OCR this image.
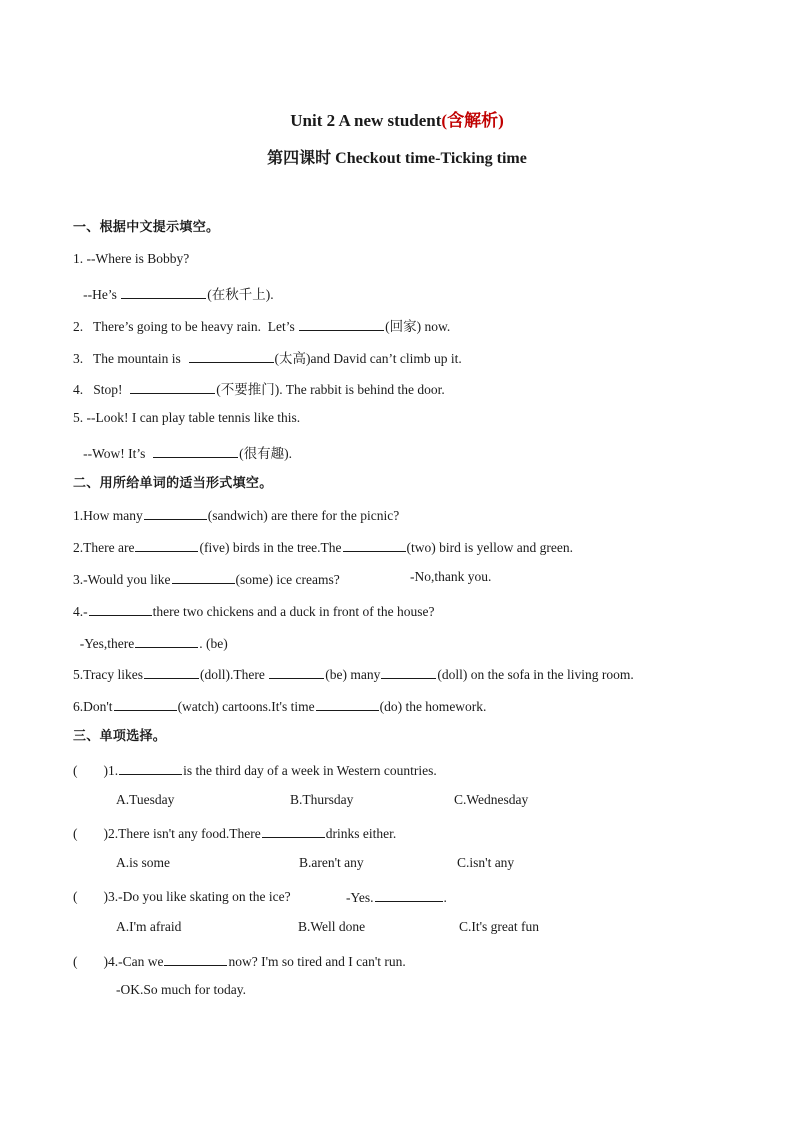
Unit 2 A new student(含解析)
第四课时 Checkout time-Ticking time
一、根据中文提示填空。
1. --Where is Bobby?
--He’s	(在秋千上).
2.   There’s going to be heavy rain.  Let’s	(回家) now.
3.   The mountain is	(太高)and David can’t climb up it.
4.   Stop!	(不要推门). The rabbit is behind the door.
5. --Look! I can play table tennis like this.
--Wow! It’s	(很有趣).
二、用所给单词的适当形式填空。
1.How many	(sandwich) are there for the picnic?
2.There are	(five) birds in the tree.The	(two) bird is yellow and green.
3.-Would you like	(some) ice creams?	-No,thank you.
4.-	there two chickens and a duck in front of the house?
-Yes,there	. (be)
5.Tracy likes	(doll).There	(be) many	(doll) on the sofa in the living room.
6.Don't	(watch) cartoons.It's time	(do) the homework.
三、单项选择。
( )1.	is the third day of a week in Western countries.
A.Tuesday	B.Thursday	C.Wednesday
( )2.There isn't any food.There	drinks either.
A.is some	B.aren't any	C.isn't any
( )3.-Do you like skating on the ice?	-Yes.	.
A.I'm afraid	B.Well done	C.It's great fun
( )4.-Can we	now? I'm so tired and I can't run.
-OK.So much for today.
